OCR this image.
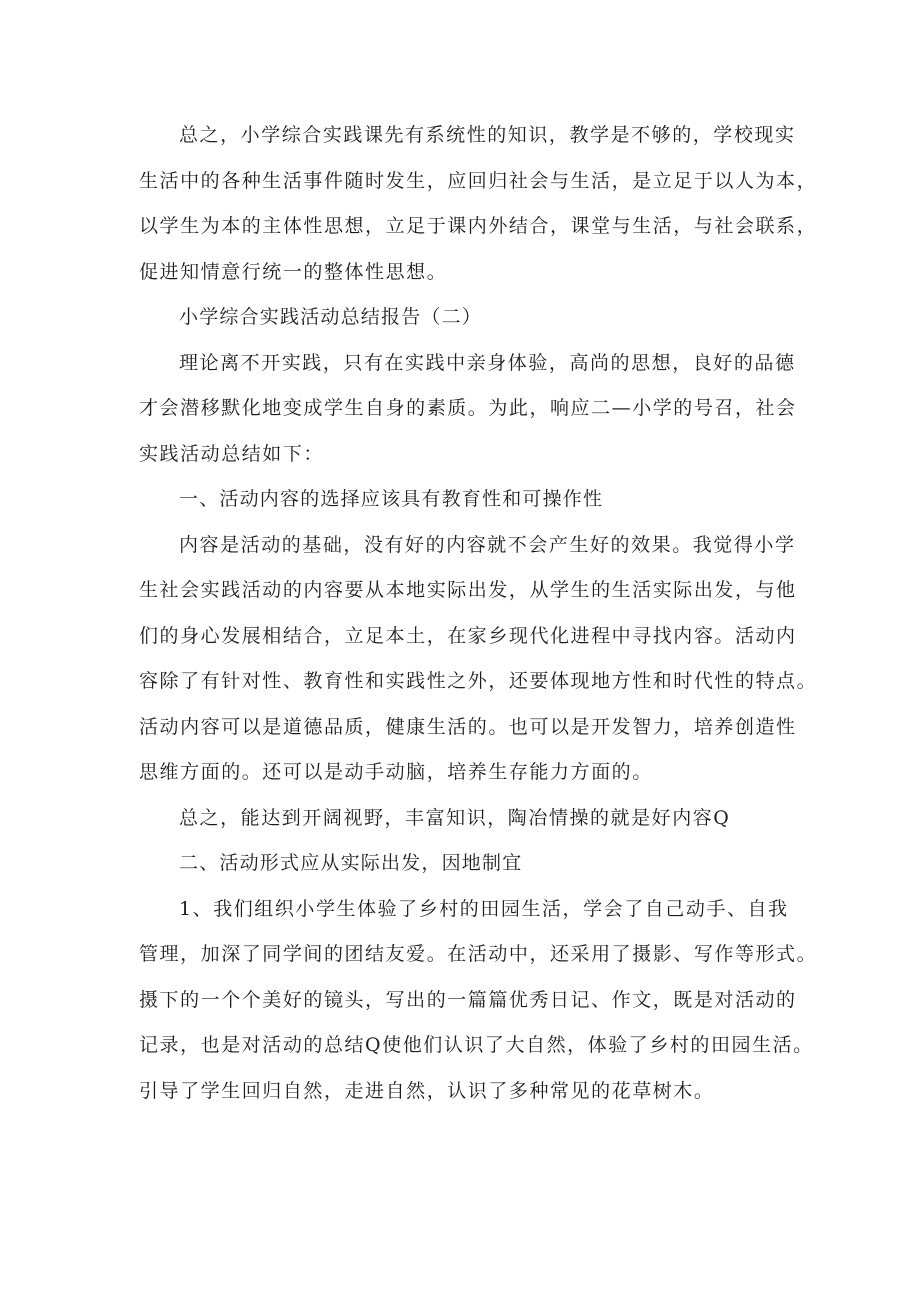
总之，小学综合实践课先有系统性的知识，教学是不够的，学校现实
生活中的各种生活事件随时发生，应回归社会与生活，是立足于以人为本，
以学生为本的主体性思想，立足于课内外结合，课堂与生活，与社会联系，
促进知情意行统一的整体性思想。
小学综合实践活动总结报告（二）
理论离不开实践，只有在实践中亲身体验，高尚的思想，良好的品德
才会潜移默化地变成学生自身的素质。为此，响应二—小学的号召，社会
实践活动总结如下：
一、活动内容的选择应该具有教育性和可操作性
内容是活动的基础，没有好的内容就不会产生好的效果。我觉得小学
生社会实践活动的内容要从本地实际出发，从学生的生活实际出发，与他
们的身心发展相结合，立足本土，在家乡现代化进程中寻找内容。活动内
容除了有针对性、教育性和实践性之外，还要体现地方性和时代性的特点。
活动内容可以是道德品质，健康生活的。也可以是开发智力，培养创造性
思维方面的。还可以是动手动脑，培养生存能力方面的。
总之，能达到开阔视野，丰富知识，陶冶情操的就是好内容Q
二、活动形式应从实际出发，因地制宜
1、我们组织小学生体验了乡村的田园生活，学会了自己动手、自我
管理，加深了同学间的团结友爱。在活动中，还采用了摄影、写作等形式。
摄下的一个个美好的镜头，写出的一篇篇优秀日记、作文，既是对活动的
记录，也是对活动的总结Q使他们认识了大自然，体验了乡村的田园生活。
引导了学生回归自然，走进自然，认识了多种常见的花草树木。
